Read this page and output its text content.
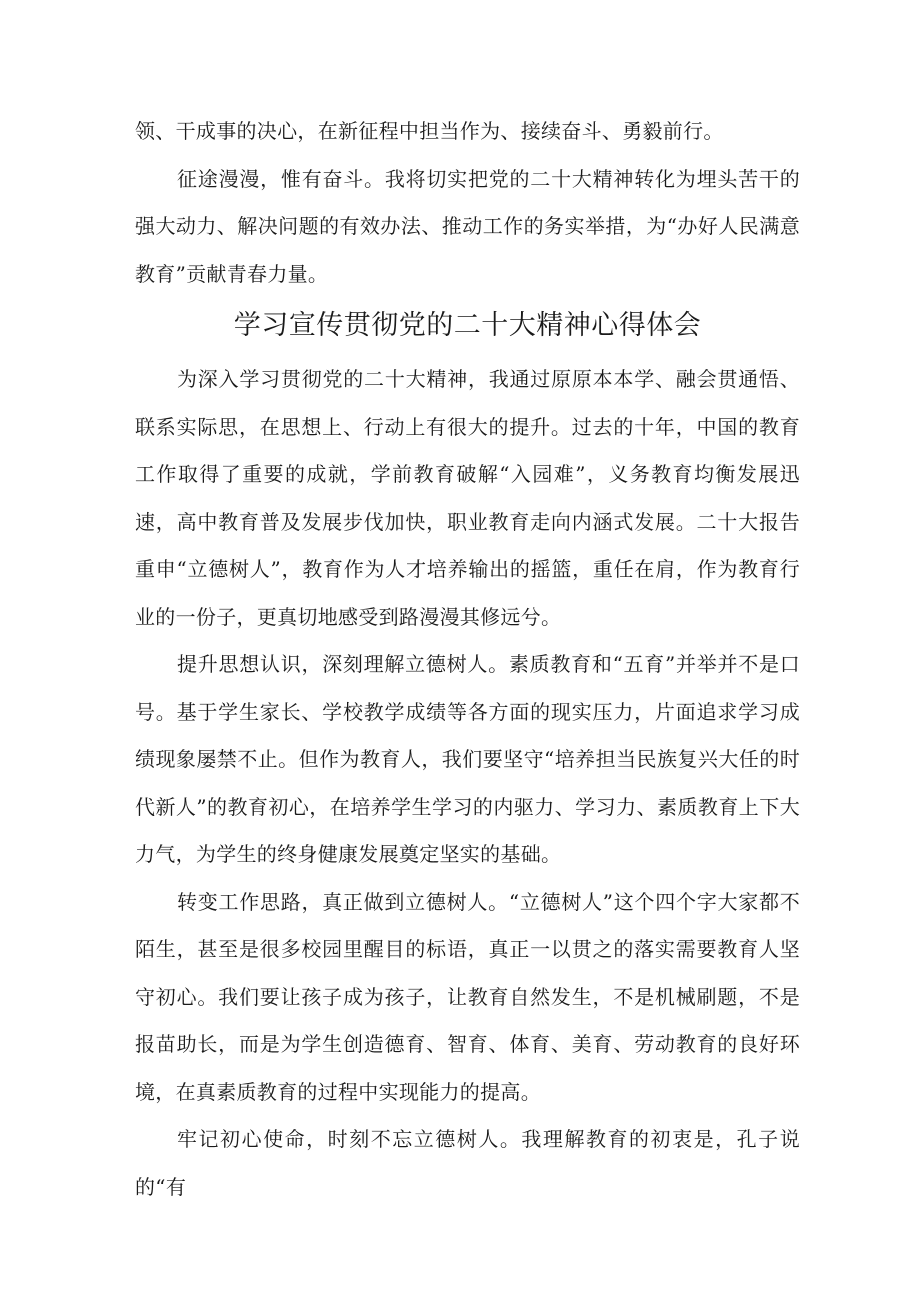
领、干成事的决心，在新征程中担当作为、接续奋斗、勇毅前行。

征途漫漫，惟有奋斗。我将切实把党的二十大精神转化为埋头苦干的强大动力、解决问题的有效办法、推动工作的务实举措，为“办好人民满意教育”贡献青春力量。

学习宣传贯彻党的二十大精神心得体会

为深入学习贯彻党的二十大精神，我通过原原本本学、融会贯通悟、联系实际思，在思想上、行动上有很大的提升。过去的十年，中国的教育工作取得了重要的成就，学前教育破解“入园难”，义务教育均衡发展迅速，高中教育普及发展步伐加快，职业教育走向内涵式发展。二十大报告重申“立德树人”，教育作为人才培养输出的摇篮，重任在肩，作为教育行业的一份子，更真切地感受到路漫漫其修远兮。

提升思想认识，深刻理解立德树人。素质教育和“五育”并举并不是口号。基于学生家长、学校教学成绩等各方面的现实压力，片面追求学习成绩现象屡禁不止。但作为教育人，我们要坚守“培养担当民族复兴大任的时代新人”的教育初心，在培养学生学习的内驱力、学习力、素质教育上下大力气，为学生的终身健康发展奠定坚实的基础。

转变工作思路，真正做到立德树人。“立德树人”这个四个字大家都不陌生，甚至是很多校园里醒目的标语，真正一以贯之的落实需要教育人坚守初心。我们要让孩子成为孩子，让教育自然发生，不是机械刷题，不是报苗助长，而是为学生创造德育、智育、体育、美育、劳动教育的良好环境，在真素质教育的过程中实现能力的提高。

牢记初心使命，时刻不忘立德树人。我理解教育的初衷是，孔子说的“有
